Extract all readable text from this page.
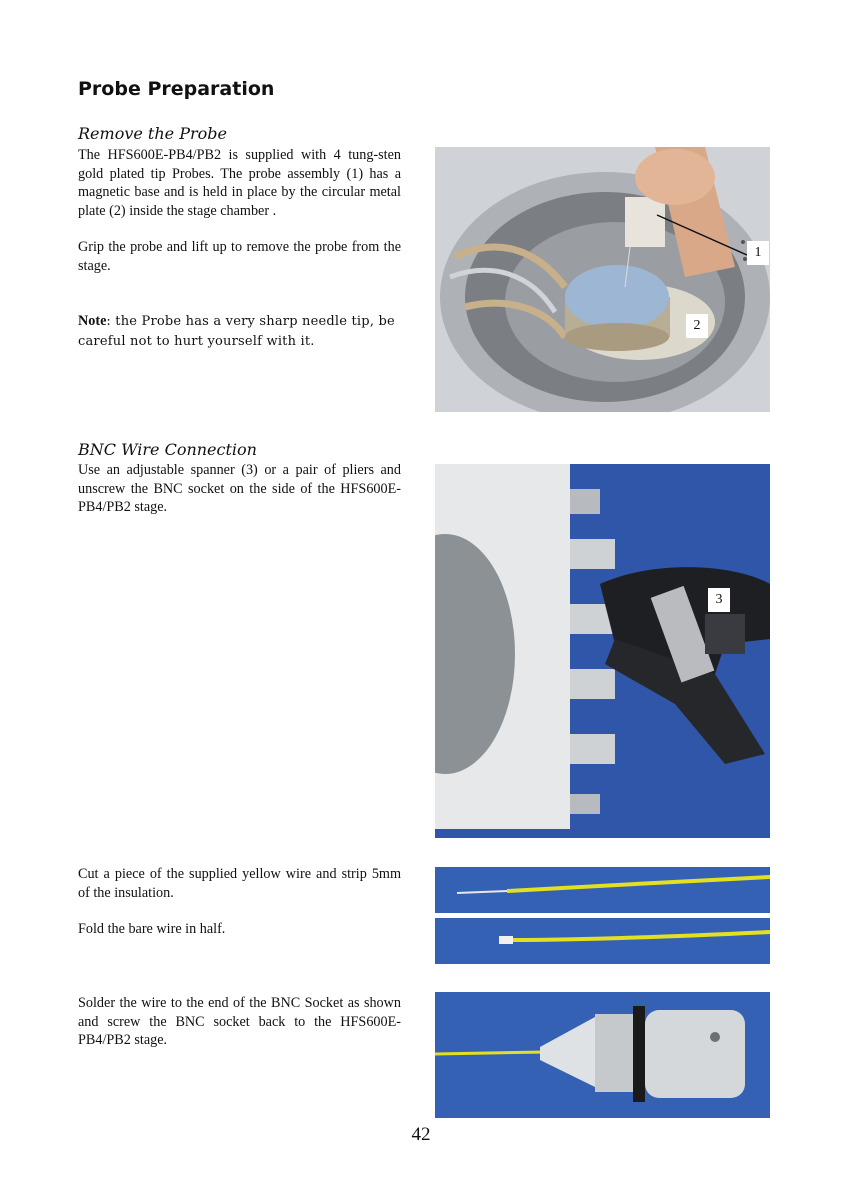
Probe Preparation
Remove the Probe

The HFS600E-PB4/PB2 is supplied with 4 tung-sten gold plated tip Probes. The probe assembly (1) has a magnetic base and is held in place by the circular metal plate (2) inside the stage chamber .

Grip the probe and lift up to remove the probe from the stage.

Note: the Probe has a very sharp needle tip, be careful not to hurt yourself with it.

1
2
BNC Wire Connection

Use an adjustable spanner (3) or a pair of pliers and unscrew the BNC socket on the side of the HFS600E-PB4/PB2 stage.

3

Cut a piece of the supplied yellow wire and strip 5mm of the insulation.

Fold the bare wire in half.

Solder the wire to the end of the BNC Socket as shown and screw the BNC socket back to the HFS600E-PB4/PB2 stage.

42
